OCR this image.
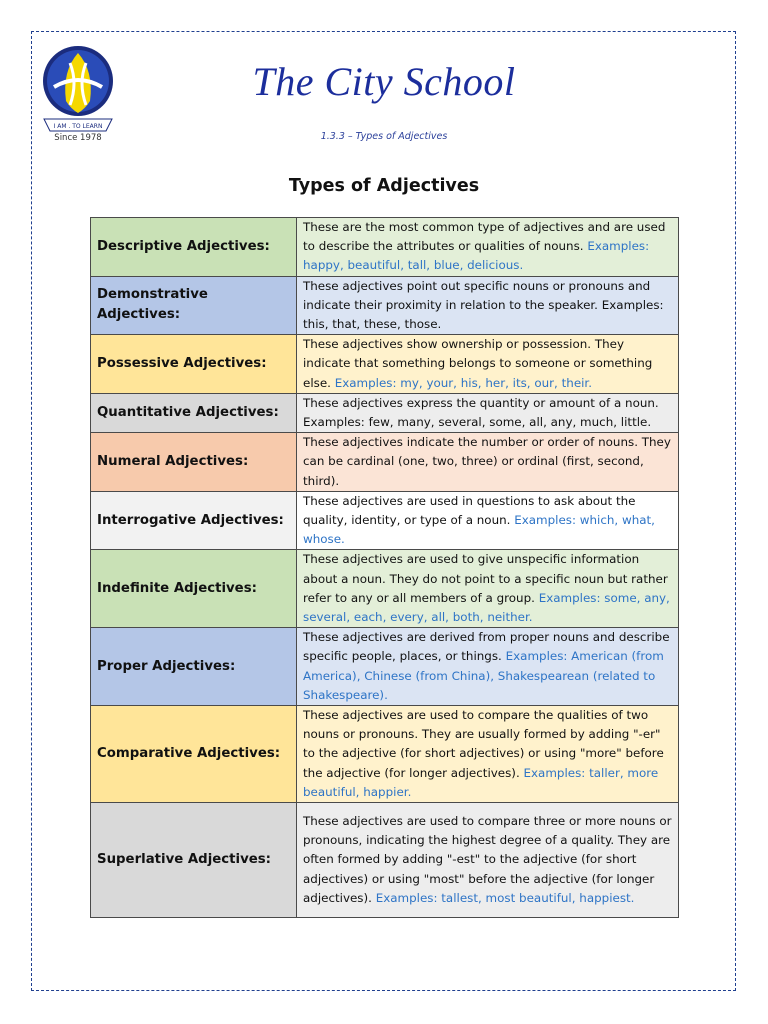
I AM . TO LEARN
Since 1978
The City School
1.3.3 – Types of Adjectives
Types of Adjectives
Descriptive Adjectives:	These are the most common type of adjectives and are used to describe the attributes or qualities of nouns. Examples: happy, beautiful, tall, blue, delicious.
Demonstrative Adjectives:	These adjectives point out specific nouns or pronouns and indicate their proximity in relation to the speaker. Examples: this, that, these, those.
Possessive Adjectives:	These adjectives show ownership or possession. They indicate that something belongs to someone or something else. Examples: my, your, his, her, its, our, their.
Quantitative Adjectives:	These adjectives express the quantity or amount of a noun. Examples: few, many, several, some, all, any, much, little.
Numeral Adjectives:	These adjectives indicate the number or order of nouns. They can be cardinal (one, two, three) or ordinal (first, second, third).
Interrogative Adjectives:	These adjectives are used in questions to ask about the quality, identity, or type of a noun. Examples: which, what, whose.
Indefinite Adjectives:	These adjectives are used to give unspecific information about a noun. They do not point to a specific noun but rather refer to any or all members of a group. Examples: some, any, several, each, every, all, both, neither.
Proper Adjectives:	These adjectives are derived from proper nouns and describe specific people, places, or things. Examples: American (from America), Chinese (from China), Shakespearean (related to Shakespeare).
Comparative Adjectives:	These adjectives are used to compare the qualities of two nouns or pronouns. They are usually formed by adding "-er" to the adjective (for short adjectives) or using "more" before the adjective (for longer adjectives). Examples: taller, more beautiful, happier.
Superlative Adjectives:	These adjectives are used to compare three or more nouns or pronouns, indicating the highest degree of a quality. They are often formed by adding "-est" to the adjective (for short adjectives) or using "most" before the adjective (for longer adjectives). Examples: tallest, most beautiful, happiest.
